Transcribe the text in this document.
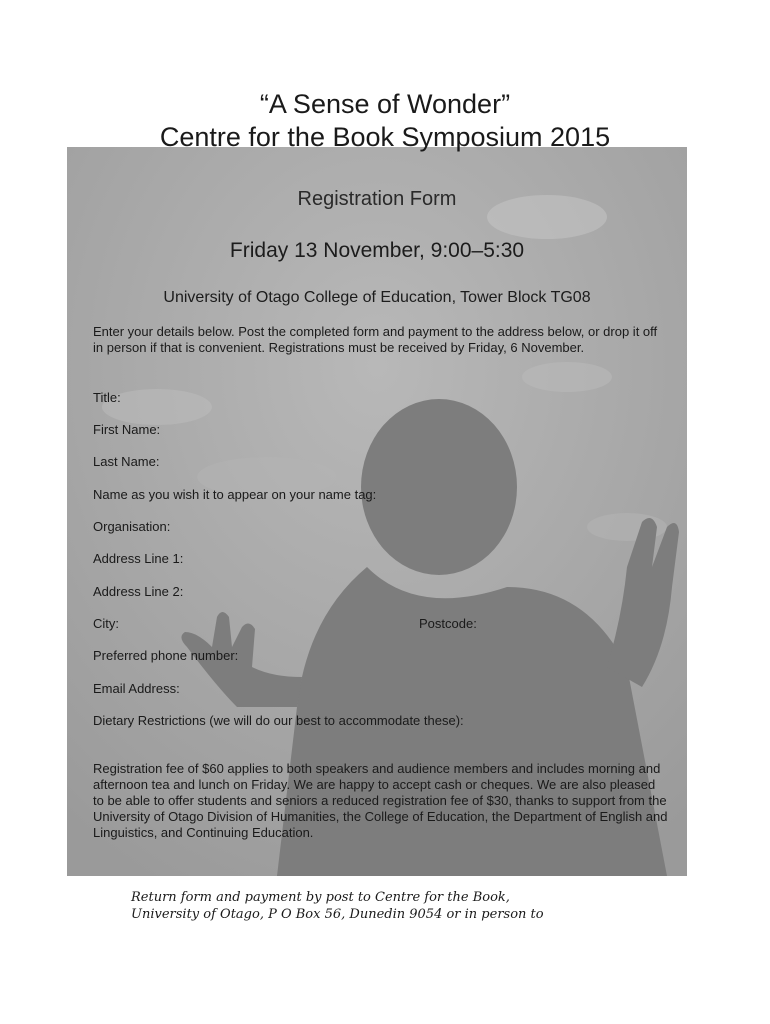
“A Sense of Wonder”
Centre for the Book Symposium 2015
Registration Form
Friday 13 November, 9:00–5:30
University of Otago College of Education, Tower Block TG08
Enter your details below. Post the completed form and payment to the address below, or drop it off in person if that is convenient. Registrations must be received by Friday, 6 November.
Title:
First Name:
Last Name:
Name as you wish it to appear on your name tag:
Organisation:
Address Line 1:
Address Line 2:
City:	Postcode:
Preferred phone number:
Email Address:
Dietary Restrictions (we will do our best to accommodate these):
Registration fee of $60 applies to both speakers and audience members and includes morning and afternoon tea and lunch on Friday. We are happy to accept cash or cheques. We are also pleased to be able to offer students and seniors a reduced registration fee of $30, thanks to support from the University of Otago Division of Humanities, the College of Education, the Department of English and Linguistics, and Continuing Education.
Return form and payment by post to Centre for the Book,
University of Otago, P O Box 56, Dunedin 9054 or in person to
